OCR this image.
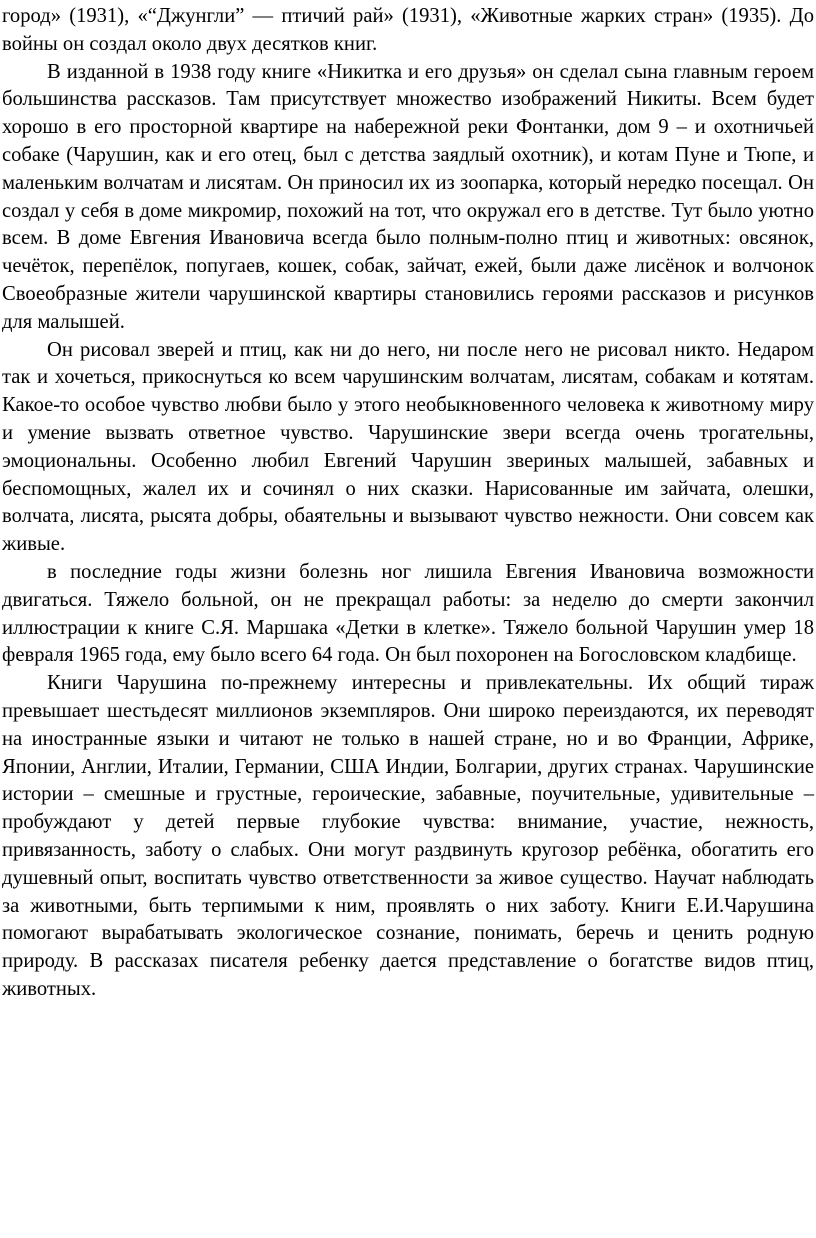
город» (1931), «“Джунгли” — птичий рай» (1931), «Животные жарких стран» (1935). До войны он создал около двух десятков книг.

В изданной в 1938 году книге «Никитка и его друзья» он сделал сына главным героем большинства рассказов. Там присутствует множество изображений Никиты. Всем будет хорошо в его просторной квартире на набережной реки Фонтанки, дом 9 – и охотничьей собаке (Чарушин, как и его отец, был с детства заядлый охотник), и котам Пуне и Тюпе, и маленьким волчатам и лисятам. Он приносил их из зоопарка, который нередко посещал. Он создал у себя в доме микромир, похожий на тот, что окружал его в детстве. Тут было уютно всем. В доме Евгения Ивановича всегда было полным-полно птиц и животных: овсянок, чечёток, перепёлок, попугаев, кошек, собак, зайчат, ежей, были даже лисёнок и волчонок Своеобразные жители чарушинской квартиры становились героями рассказов и рисунков для малышей.

Он рисовал зверей и птиц, как ни до него, ни после него не рисовал никто. Недаром так и хочеться, прикоснуться ко всем чарушинским волчатам, лисятам, собакам и котятам. Какое-то особое чувство любви было у этого необыкновенного человека к животному миру и умение вызвать ответное чувство. Чарушинские звери всегда очень трогательны, эмоциональны. Особенно любил Евгений Чарушин звериных малышей, забавных и беспомощных, жалел их и сочинял о них сказки. Нарисованные им зайчата, олешки, волчата, лисята, рысята добры, обаятельны и вызывают чувство нежности. Они совсем как живые.

в последние годы жизни болезнь ног лишила Евгения Ивановича возможности двигаться. Тяжело больной, он не прекращал работы: за неделю до смерти закончил иллюстрации к книге С.Я. Маршака «Детки в клетке». Тяжело больной Чарушин умер 18 февраля 1965 года, ему было всего 64 года. Он был похоронен на Богословском кладбище.

Книги Чарушина по-прежнему интересны и привлекательны. Их общий тираж превышает шестьдесят миллионов экземпляров. Они широко переиздаются, их переводят на иностранные языки и читают не только в нашей стране, но и во Франции, Африке, Японии, Англии, Италии, Германии, США Индии, Болгарии, других странах. Чарушинские истории – смешные и грустные, героические, забавные, поучительные, удивительные – пробуждают у детей первые глубокие чувства: внимание, участие, нежность, привязанность, заботу о слабых. Они могут раздвинуть кругозор ребёнка, обогатить его душевный опыт, воспитать чувство ответственности за живое существо. Научат наблюдать за животными, быть терпимыми к ним, проявлять о них заботу. Книги Е.И.Чарушина помогают вырабатывать экологическое сознание, понимать, беречь и ценить родную природу. В рассказах писателя ребенку дается представление о богатстве видов птиц, животных.
